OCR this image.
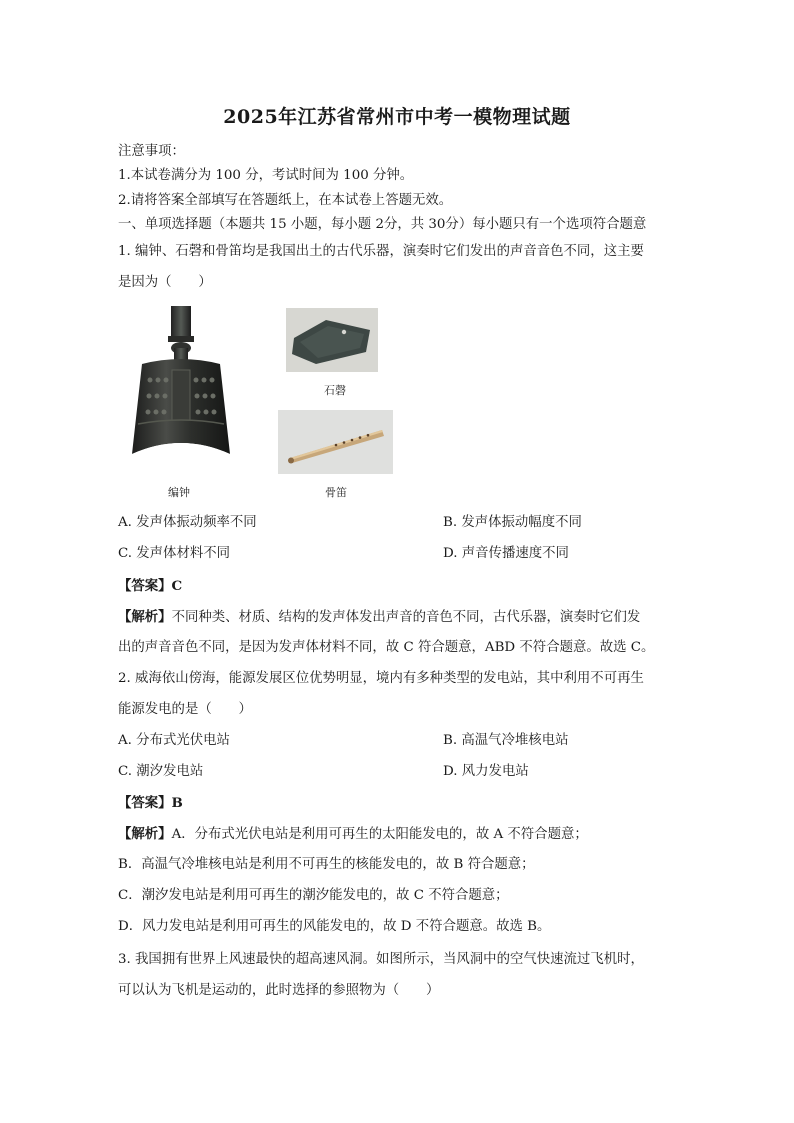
2025年江苏省常州市中考一模物理试题
注意事项：
1.本试卷满分为 100 分，考试时间为 100 分钟。
2.请将答案全部填写在答题纸上，在本试卷上答题无效。
一、单项选择题（本题共 15 小题，每小题 2分，共 30分）每小题只有一个选项符合题意
1. 编钟、石磬和骨笛均是我国出土的古代乐器，演奏时它们发出的声音音色不同，这主要
是因为（　　）
编钟
石磬
骨笛
A. 发声体振动频率不同	B. 发声体振动幅度不同
C. 发声体材料不同	D. 声音传播速度不同
【答案】C
【解析】不同种类、材质、结构的发声体发出声音的音色不同，古代乐器，演奏时它们发
出的声音音色不同，是因为发声体材料不同，故 C 符合题意，ABD 不符合题意。故选 C。
2. 威海依山傍海，能源发展区位优势明显，境内有多种类型的发电站，其中利用不可再生
能源发电的是（　　）
A. 分布式光伏电站	B. 高温气冷堆核电站
C. 潮汐发电站	D. 风力发电站
【答案】B
【解析】A．分布式光伏电站是利用可再生的太阳能发电的，故 A 不符合题意；
B．高温气冷堆核电站是利用不可再生的核能发电的，故 B 符合题意；
C．潮汐发电站是利用可再生的潮汐能发电的，故 C 不符合题意；
D．风力发电站是利用可再生的风能发电的，故 D 不符合题意。故选 B。
3. 我国拥有世界上风速最快的超高速风洞。如图所示，当风洞中的空气快速流过飞机时，
可以认为飞机是运动的，此时选择的参照物为（　　）
